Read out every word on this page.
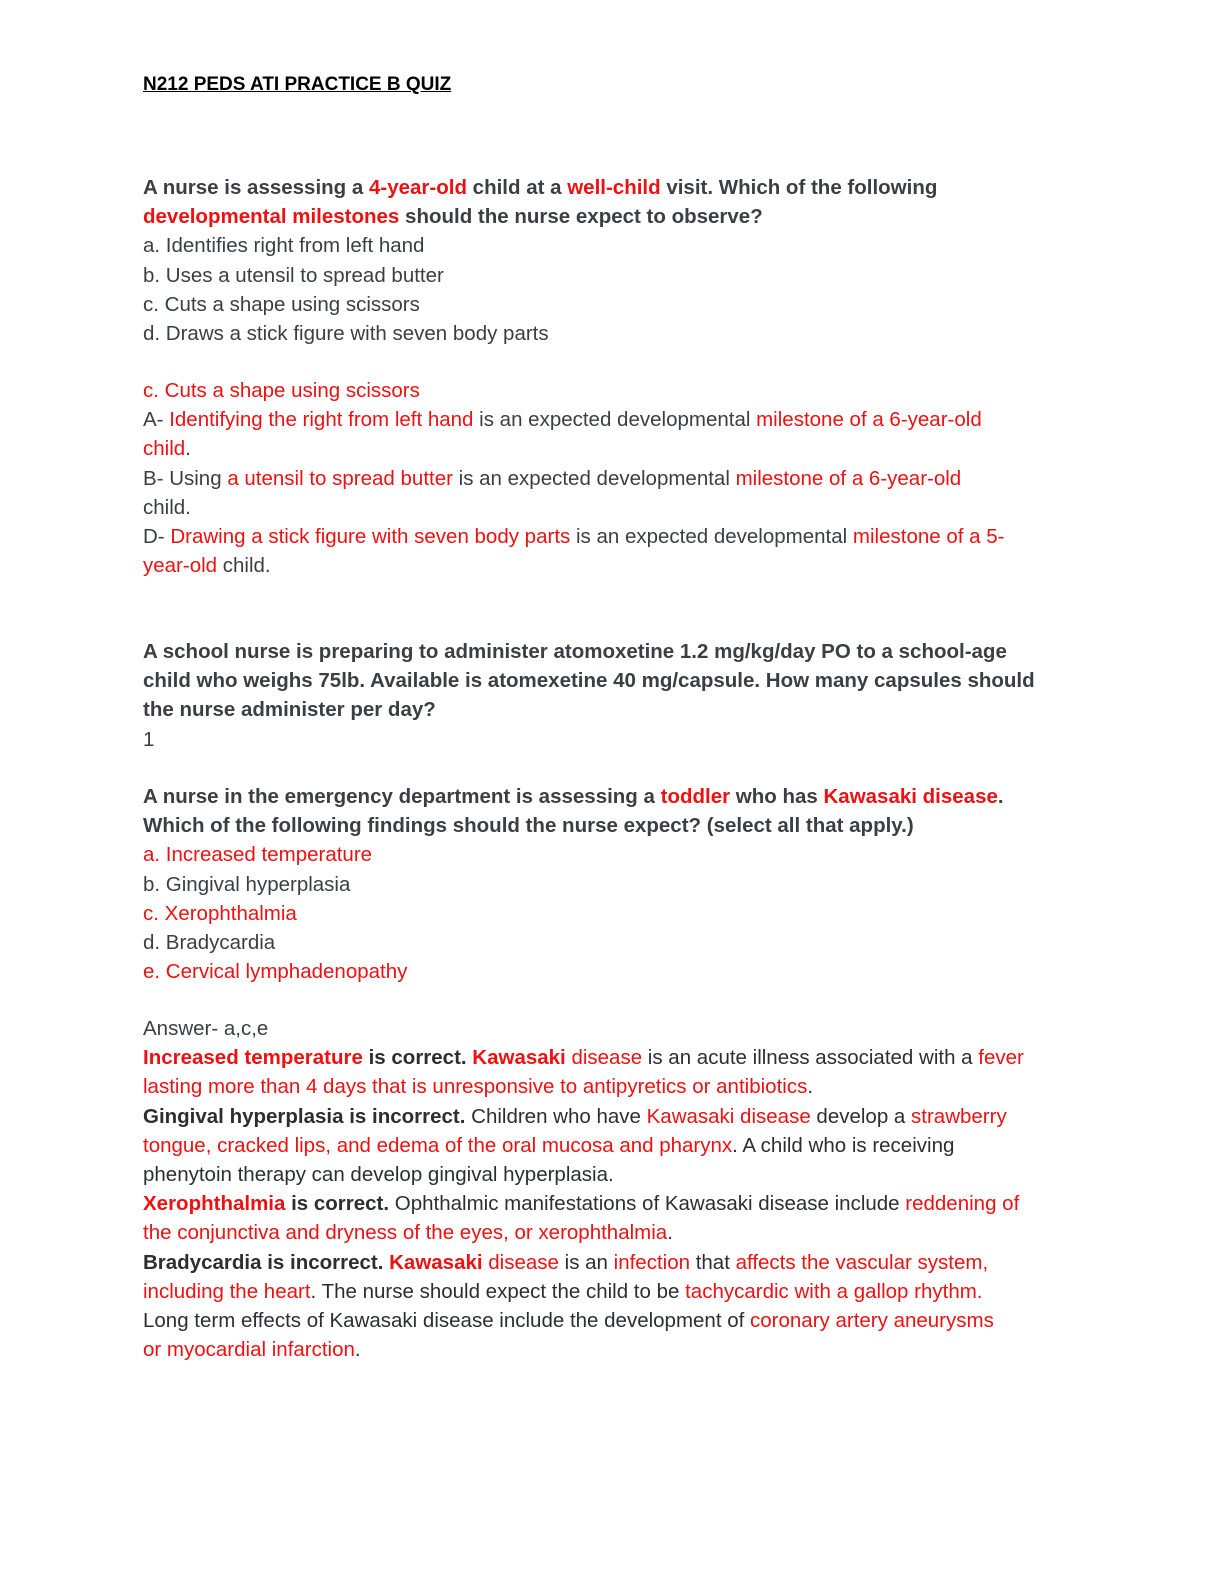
N212 PEDS ATI PRACTICE B QUIZ
A nurse is assessing a 4-year-old child at a well-child visit. Which of the following
developmental milestones should the nurse expect to observe?
a. Identifies right from left hand
b. Uses a utensil to spread butter
c. Cuts a shape using scissors
d. Draws a stick figure with seven body parts
c. Cuts a shape using scissors
A- Identifying the right from left hand is an expected developmental milestone of a 6-year-old
child.
B- Using a utensil to spread butter is an expected developmental milestone of a 6-year-old
child.
D- Drawing a stick figure with seven body parts is an expected developmental milestone of a 5-
year-old child.
A school nurse is preparing to administer atomoxetine 1.2 mg/kg/day PO to a school-age
child who weighs 75lb. Available is atomexetine 40 mg/capsule. How many capsules should
the nurse administer per day?
1
A nurse in the emergency department is assessing a toddler who has Kawasaki disease.
Which of the following findings should the nurse expect? (select all that apply.)
a. Increased temperature
b. Gingival hyperplasia
c. Xerophthalmia
d. Bradycardia
e. Cervical lymphadenopathy
Answer- a,c,e
Increased temperature is correct. Kawasaki disease is an acute illness associated with a fever
lasting more than 4 days that is unresponsive to antipyretics or antibiotics.
Gingival hyperplasia is incorrect. Children who have Kawasaki disease develop a strawberry
tongue, cracked lips, and edema of the oral mucosa and pharynx. A child who is receiving
phenytoin therapy can develop gingival hyperplasia.
Xerophthalmia is correct. Ophthalmic manifestations of Kawasaki disease include reddening of
the conjunctiva and dryness of the eyes, or xerophthalmia.
Bradycardia is incorrect. Kawasaki disease is an infection that affects the vascular system,
including the heart. The nurse should expect the child to be tachycardic with a gallop rhythm.
Long term effects of Kawasaki disease include the development of coronary artery aneurysms
or myocardial infarction.
